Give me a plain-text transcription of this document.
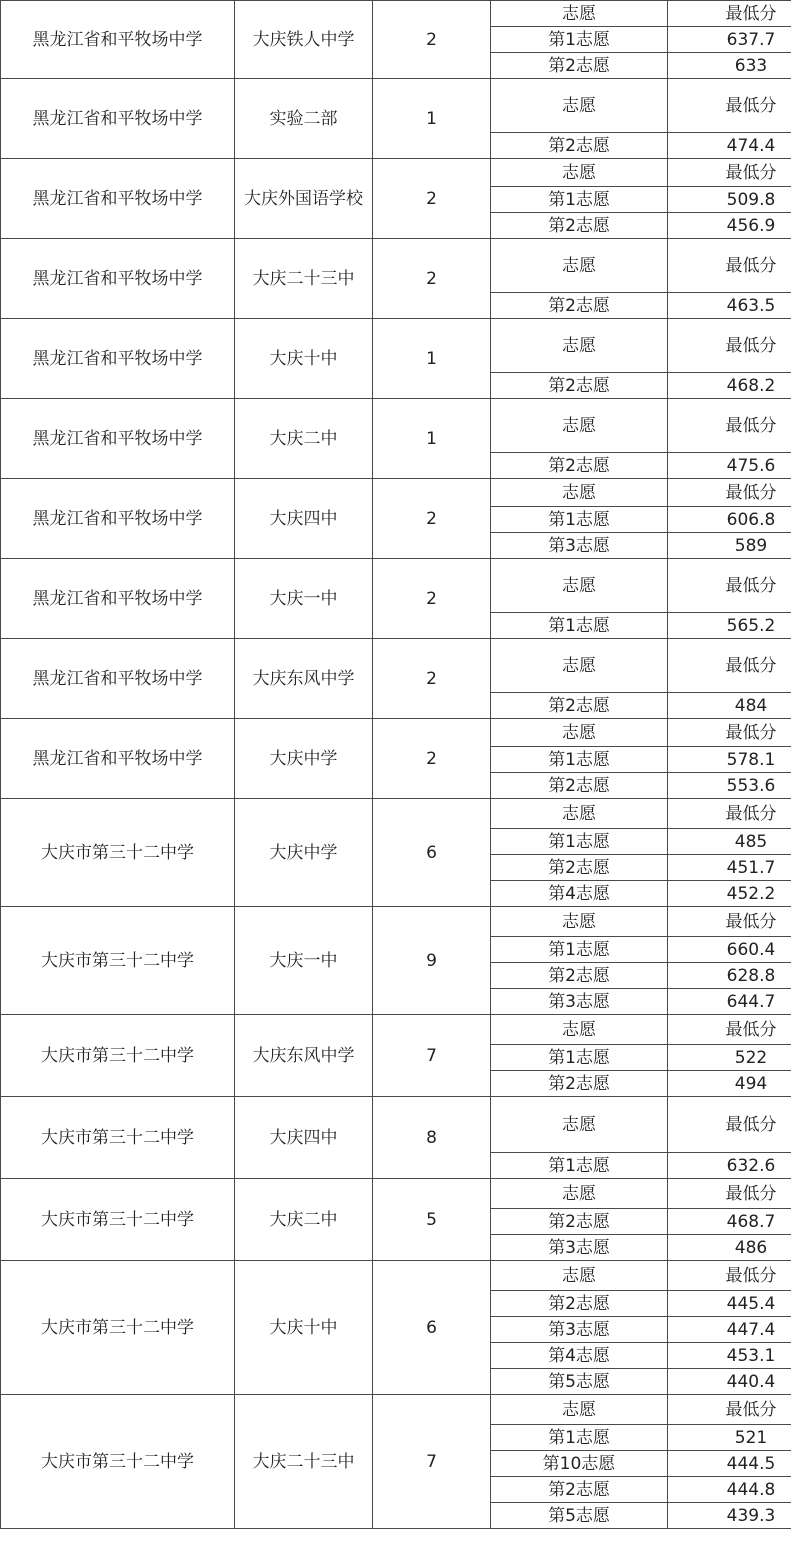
黑龙江省和平牧场中学	大庆铁人中学	2	志愿	最低分
			第1志愿	637.7
			第2志愿	633
黑龙江省和平牧场中学	实验二部	1	志愿	最低分
			第2志愿	474.4
黑龙江省和平牧场中学	大庆外国语学校	2	志愿	最低分
			第1志愿	509.8
			第2志愿	456.9
黑龙江省和平牧场中学	大庆二十三中	2	志愿	最低分
			第2志愿	463.5
黑龙江省和平牧场中学	大庆十中	1	志愿	最低分
			第2志愿	468.2
黑龙江省和平牧场中学	大庆二中	1	志愿	最低分
			第2志愿	475.6
黑龙江省和平牧场中学	大庆四中	2	志愿	最低分
			第1志愿	606.8
			第3志愿	589
黑龙江省和平牧场中学	大庆一中	2	志愿	最低分
			第1志愿	565.2
黑龙江省和平牧场中学	大庆东风中学	2	志愿	最低分
			第2志愿	484
黑龙江省和平牧场中学	大庆中学	2	志愿	最低分
			第1志愿	578.1
			第2志愿	553.6
大庆市第三十二中学	大庆中学	6	志愿	最低分
			第1志愿	485
			第2志愿	451.7
			第4志愿	452.2
大庆市第三十二中学	大庆一中	9	志愿	最低分
			第1志愿	660.4
			第2志愿	628.8
			第3志愿	644.7
大庆市第三十二中学	大庆东风中学	7	志愿	最低分
			第1志愿	522
			第2志愿	494
大庆市第三十二中学	大庆四中	8	志愿	最低分
			第1志愿	632.6
大庆市第三十二中学	大庆二中	5	志愿	最低分
			第2志愿	468.7
			第3志愿	486
大庆市第三十二中学	大庆十中	6	志愿	最低分
			第2志愿	445.4
			第3志愿	447.4
			第4志愿	453.1
			第5志愿	440.4
大庆市第三十二中学	大庆二十三中	7	志愿	最低分
			第1志愿	521
			第10志愿	444.5
			第2志愿	444.8
			第5志愿	439.3
